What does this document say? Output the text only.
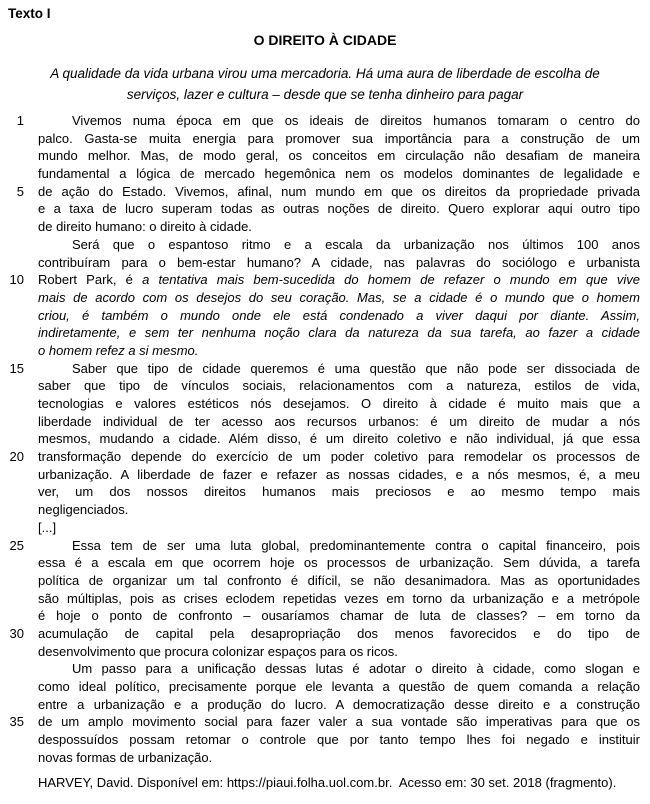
Texto I
O DIREITO À CIDADE
A qualidade da vida urbana virou uma mercadoria. Há uma aura de liberdade de escolha de
serviços, lazer e cultura – desde que se tenha dinheiro para pagar
1	Vivemos numa época em que os ideais de direitos humanos tomaram o centro do
palco. Gasta-se muita energia para promover sua importância para a construção de um
mundo melhor. Mas, de modo geral, os conceitos em circulação não desafiam de maneira
fundamental a lógica de mercado hegemônica nem os modelos dominantes de legalidade e
5 de ação do Estado. Vivemos, afinal, num mundo em que os direitos da propriedade privada
e a taxa de lucro superam todas as outras noções de direito. Quero explorar aqui outro tipo
de direito humano: o direito à cidade.
Será que o espantoso ritmo e a escala da urbanização nos últimos 100 anos
contribuíram para o bem-estar humano? A cidade, nas palavras do sociólogo e urbanista
10 Robert Park, é a tentativa mais bem-sucedida do homem de refazer o mundo em que vive
mais de acordo com os desejos do seu coração. Mas, se a cidade é o mundo que o homem
criou, é também o mundo onde ele está condenado a viver daqui por diante. Assim,
indiretamente, e sem ter nenhuma noção clara da natureza da sua tarefa, ao fazer a cidade
o homem refez a si mesmo.
15	Saber que tipo de cidade queremos é uma questão que não pode ser dissociada de
saber que tipo de vínculos sociais, relacionamentos com a natureza, estilos de vida,
tecnologias e valores estéticos nós desejamos. O direito à cidade é muito mais que a
liberdade individual de ter acesso aos recursos urbanos: é um direito de mudar a nós
mesmos, mudando a cidade. Além disso, é um direito coletivo e não individual, já que essa
20 transformação depende do exercício de um poder coletivo para remodelar os processos de
urbanização. A liberdade de fazer e refazer as nossas cidades, e a nós mesmos, é, a meu
ver, um dos nossos direitos humanos mais preciosos e ao mesmo tempo mais
negligenciados.
[...]
25	Essa tem de ser uma luta global, predominantemente contra o capital financeiro, pois
essa é a escala em que ocorrem hoje os processos de urbanização. Sem dúvida, a tarefa
política de organizar um tal confronto é difícil, se não desanimadora. Mas as oportunidades
são múltiplas, pois as crises eclodem repetidas vezes em torno da urbanização e a metrópole
é hoje o ponto de confronto – ousaríamos chamar de luta de classes? – em torno da
30 acumulação de capital pela desapropriação dos menos favorecidos e do tipo de
desenvolvimento que procura colonizar espaços para os ricos.
Um passo para a unificação dessas lutas é adotar o direito à cidade, como slogan e
como ideal político, precisamente porque ele levanta a questão de quem comanda a relação
entre a urbanização e a produção do lucro. A democratização desse direito e a construção
35 de um amplo movimento social para fazer valer a sua vontade são imperativas para que os
despossuídos possam retomar o controle que por tanto tempo lhes foi negado e instituir
novas formas de urbanização.
HARVEY, David. Disponível em: https://piaui.folha.uol.com.br.  Acesso em: 30 set. 2018 (fragmento).
